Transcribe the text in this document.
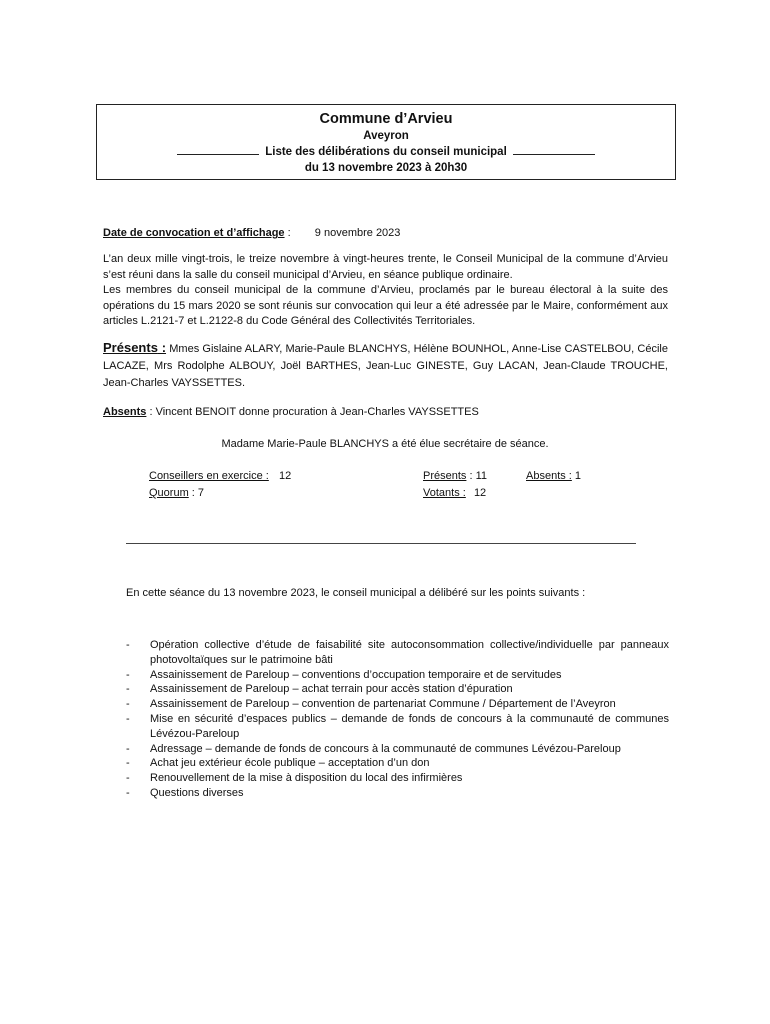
Commune d’Arvieu
Aveyron
Liste des délibérations du conseil municipal
du 13 novembre 2023 à 20h30
Date de convocation et d’affichage : 9 novembre 2023
L’an deux mille vingt-trois, le treize novembre à vingt-heures trente, le Conseil Municipal de la commune d’Arvieu s’est réuni dans la salle du conseil municipal d’Arvieu, en séance publique ordinaire.
Les membres du conseil municipal de la commune d’Arvieu, proclamés par le bureau électoral à la suite des opérations du 15 mars 2020 se sont réunis sur convocation qui leur a été adressée par le Maire, conformément aux articles L.2121-7 et L.2122-8 du Code Général des Collectivités Territoriales.
Présents : Mmes Gislaine ALARY, Marie-Paule BLANCHYS, Hélène BOUNHOL, Anne-Lise CASTELBOU, Cécile LACAZE, Mrs Rodolphe ALBOUY, Joël BARTHES, Jean-Luc GINESTE, Guy LACAN, Jean-Claude TROUCHE, Jean-Charles VAYSSETTES.
Absents : Vincent BENOIT donne procuration à Jean-Charles VAYSSETTES
Madame Marie-Paule BLANCHYS a été élue secrétaire de séance.
Conseillers en exercice : 12
Quorum : 7
Présents : 11	Absents : 1
Votants : 12
En cette séance du 13 novembre 2023, le conseil municipal a délibéré sur les points suivants :
- Opération collective d’étude de faisabilité site autoconsommation collective/individuelle par panneaux photovoltaïques sur le patrimoine bâti
- Assainissement de Pareloup – conventions d’occupation temporaire et de servitudes
- Assainissement de Pareloup – achat terrain pour accès station d’épuration
- Assainissement de Pareloup – convention de partenariat Commune / Département de l’Aveyron
- Mise en sécurité d’espaces publics – demande de fonds de concours à la communauté de communes Lévézou-Pareloup
- Adressage – demande de fonds de concours à la communauté de communes Lévézou-Pareloup
- Achat jeu extérieur école publique – acceptation d’un don
- Renouvellement de la mise à disposition du local des infirmières
- Questions diverses
